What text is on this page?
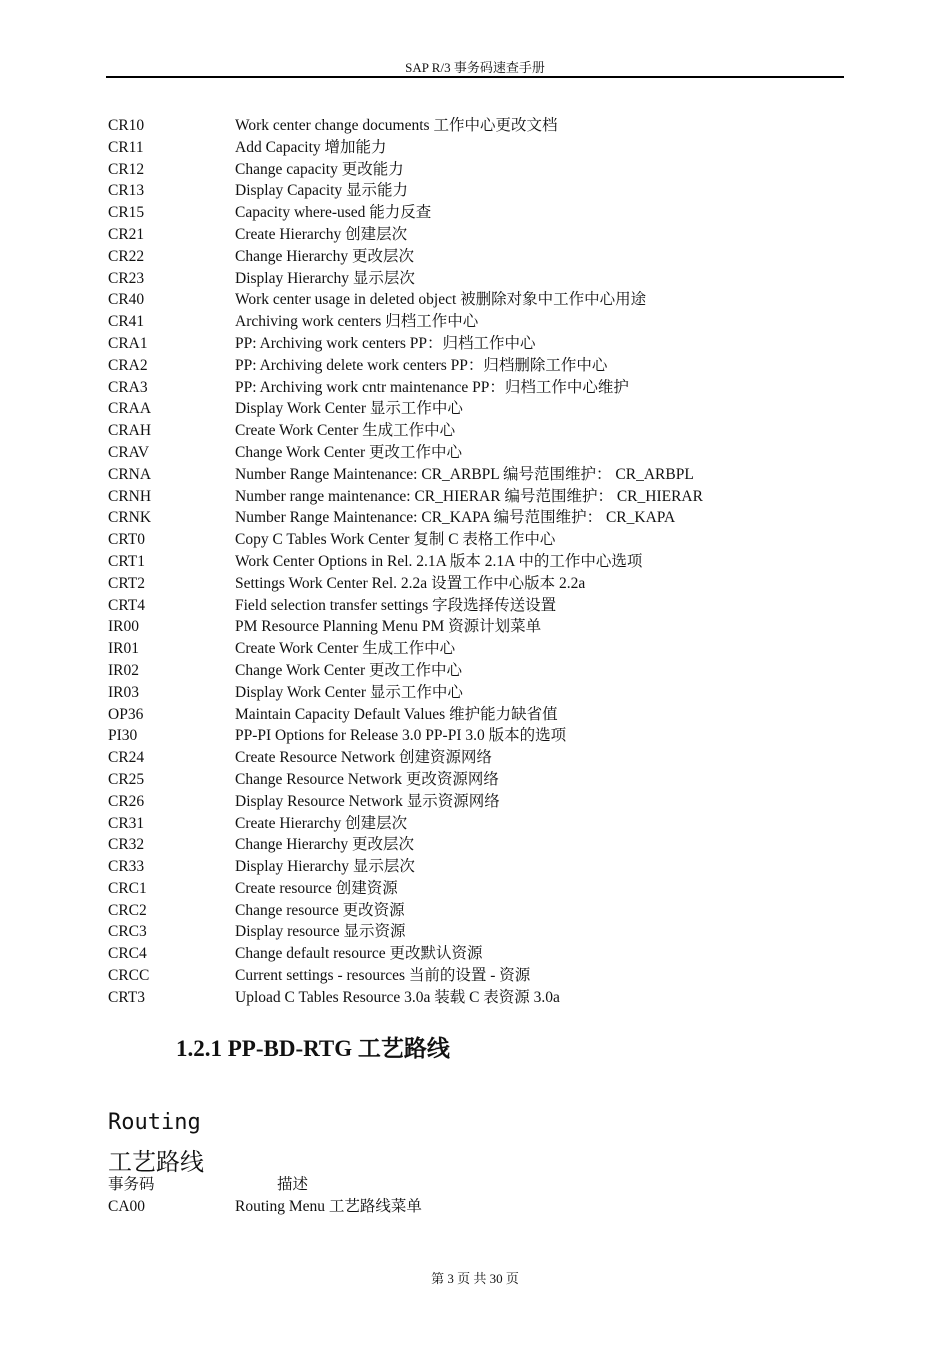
SAP R/3 事务码速查手册
CR10	Work center change documents 工作中心更改文档
CR11	Add Capacity 增加能力
CR12	Change capacity 更改能力
CR13	Display Capacity 显示能力
CR15	Capacity where-used 能力反查
CR21	Create Hierarchy 创建层次
CR22	Change Hierarchy 更改层次
CR23	Display Hierarchy 显示层次
CR40	Work center usage in deleted object 被删除对象中工作中心用途
CR41	Archiving work centers 归档工作中心
CRA1	PP: Archiving work centers PP：归档工作中心
CRA2	PP: Archiving delete work centers PP：归档删除工作中心
CRA3	PP: Archiving work cntr maintenance PP：归档工作中心维护
CRAA	Display Work Center 显示工作中心
CRAH	Create Work Center 生成工作中心
CRAV	Change Work Center 更改工作中心
CRNA	Number Range Maintenance: CR_ARBPL 编号范围维护： CR_ARBPL
CRNH	Number range maintenance: CR_HIERAR 编号范围维护： CR_HIERAR
CRNK	Number Range Maintenance: CR_KAPA 编号范围维护： CR_KAPA
CRT0	Copy C Tables Work Center 复制 C 表格工作中心
CRT1	Work Center Options in Rel. 2.1A 版本 2.1A 中的工作中心选项
CRT2	Settings Work Center Rel. 2.2a 设置工作中心版本 2.2a
CRT4	Field selection transfer settings 字段选择传送设置
IR00	PM Resource Planning Menu PM 资源计划菜单
IR01	Create Work Center 生成工作中心
IR02	Change Work Center 更改工作中心
IR03	Display Work Center 显示工作中心
OP36	Maintain Capacity Default Values 维护能力缺省值
PI30	PP-PI Options for Release 3.0 PP-PI 3.0 版本的选项
CR24	Create Resource Network 创建资源网络
CR25	Change Resource Network 更改资源网络
CR26	Display Resource Network 显示资源网络
CR31	Create Hierarchy 创建层次
CR32	Change Hierarchy 更改层次
CR33	Display Hierarchy 显示层次
CRC1	Create resource 创建资源
CRC2	Change resource 更改资源
CRC3	Display resource 显示资源
CRC4	Change default resource 更改默认资源
CRCC	Current settings - resources 当前的设置 - 资源
CRT3	Upload C Tables Resource 3.0a 装载 C 表资源 3.0a
1.2.1 PP-BD-RTG 工艺路线
Routing
工艺路线
事务码	描述
CA00	Routing Menu 工艺路线菜单
第 3 页 共 30 页
